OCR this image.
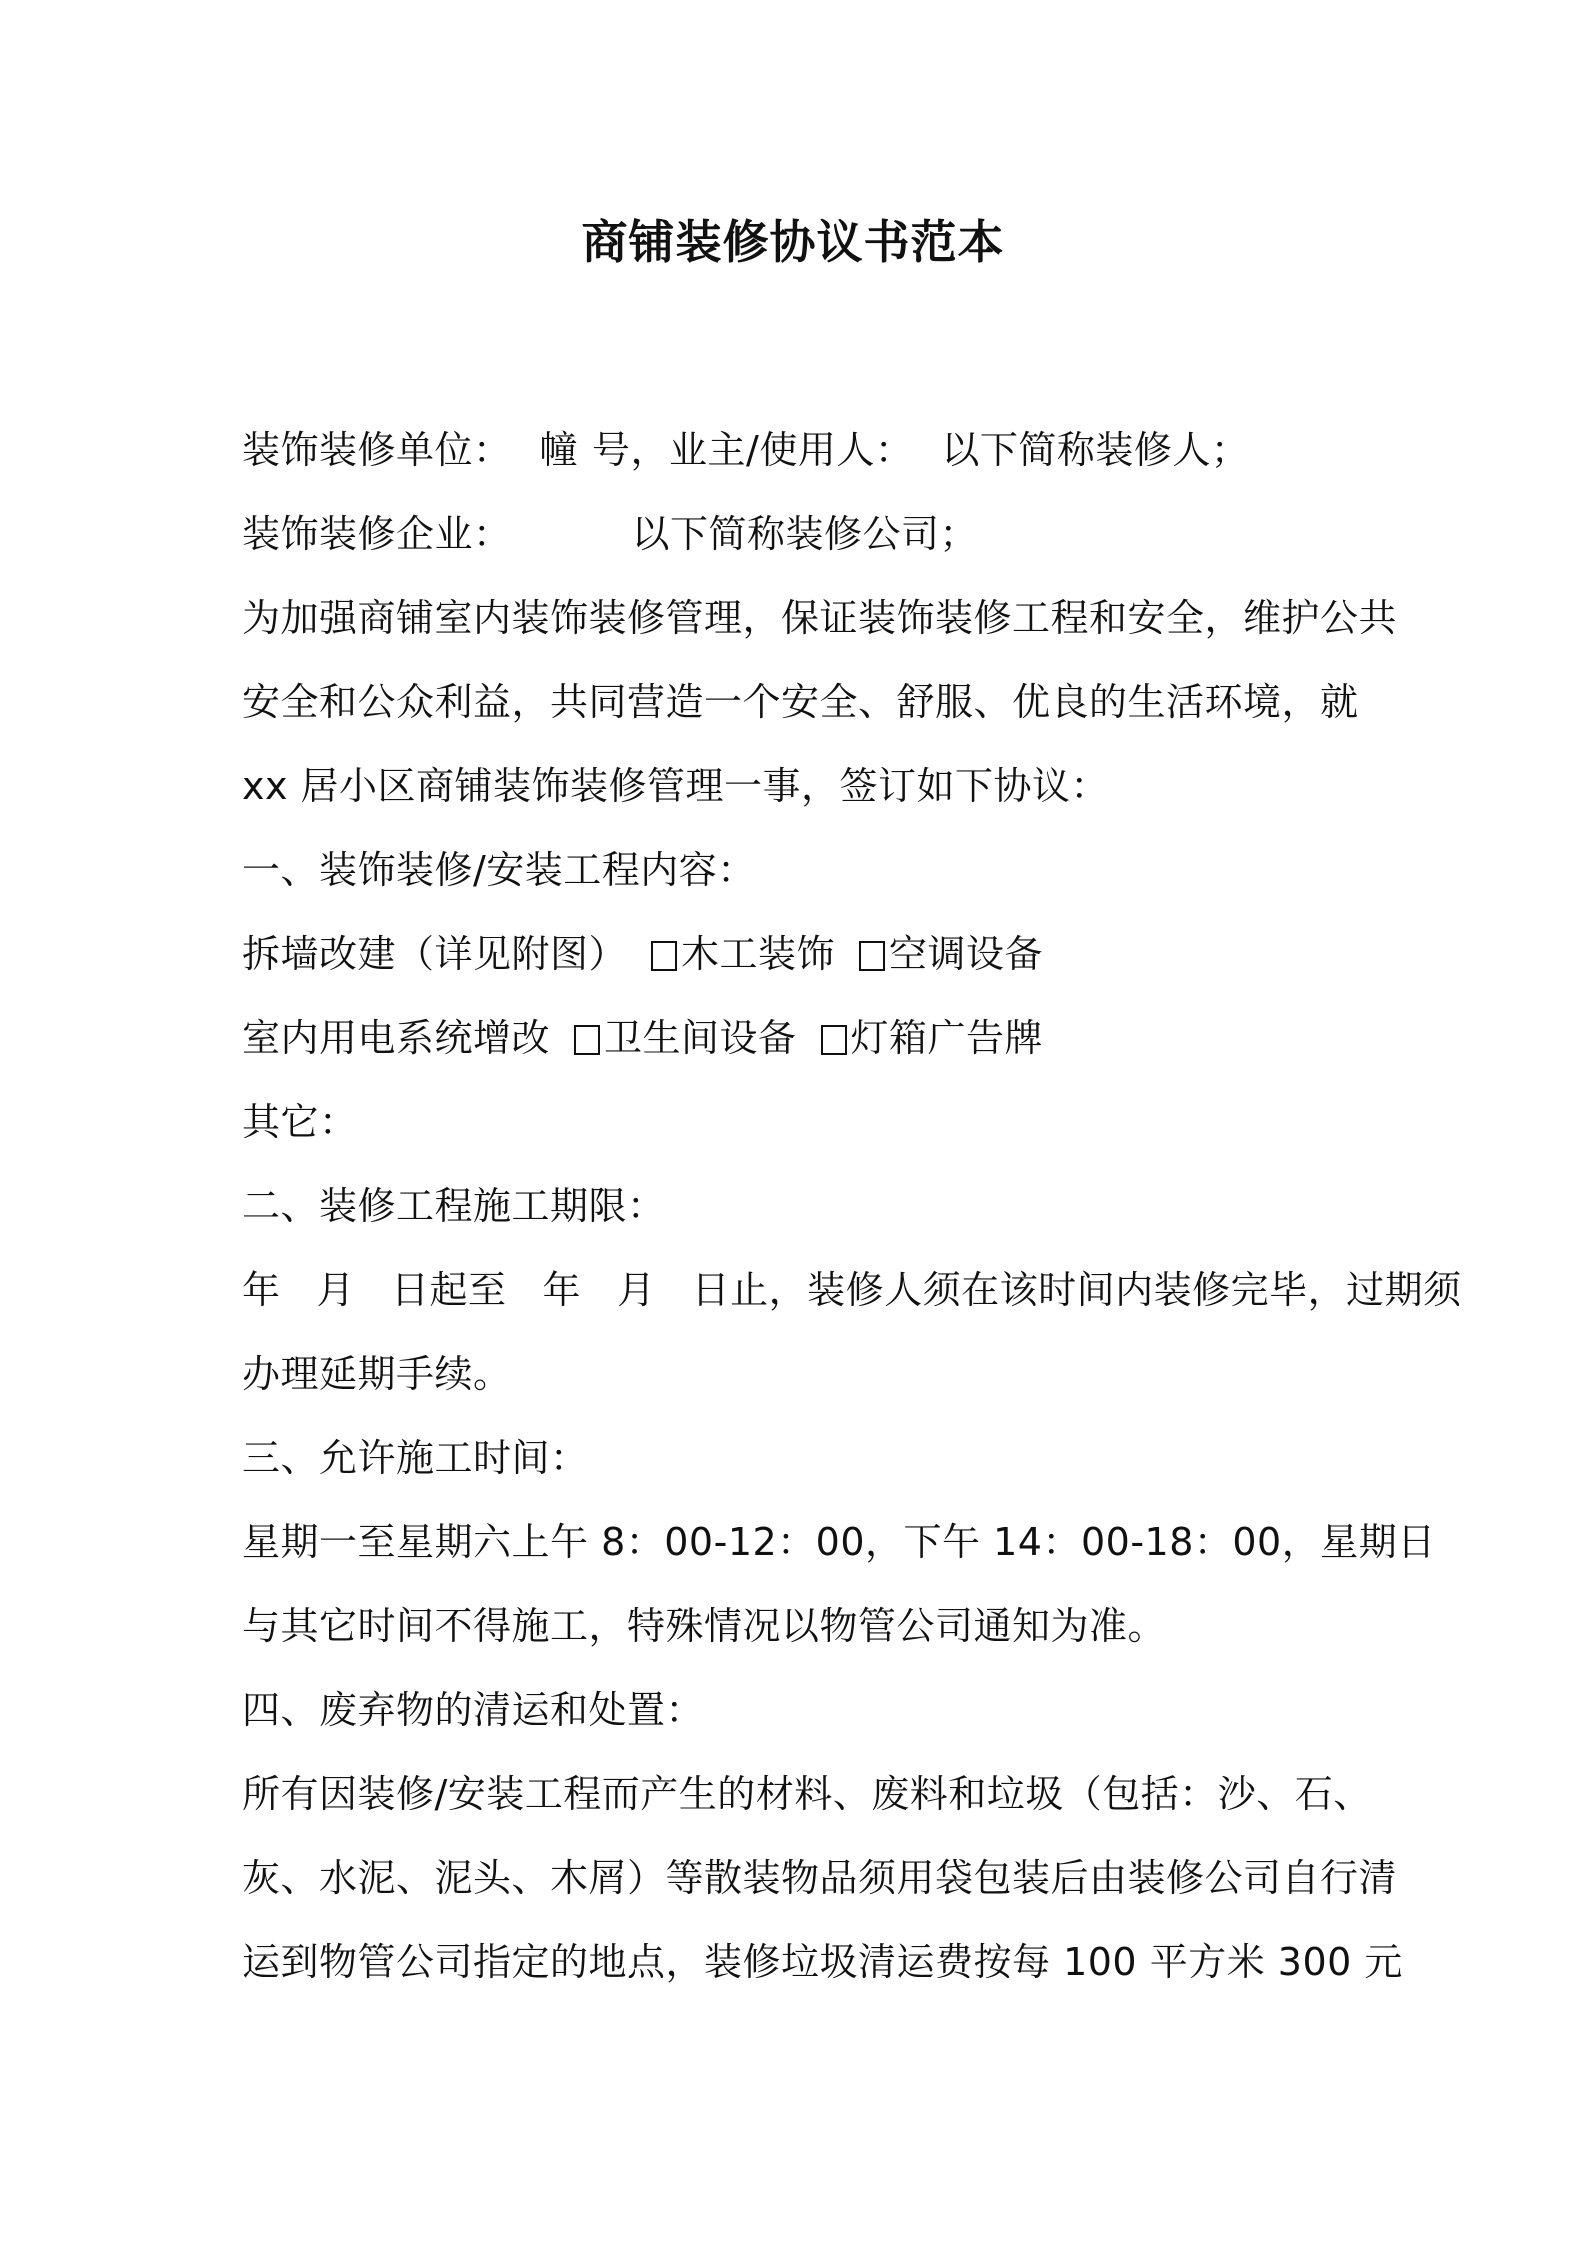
商铺装修协议书范本
装饰装修单位： 幢 号，业主/使用人： 以下简称装修人；
装饰装修企业：	以下简称装修公司；
为加强商铺室内装饰装修管理，保证装饰装修工程和安全，维护公共
安全和公众利益，共同营造一个安全、舒服、优良的生活环境，就
xx 居小区商铺装饰装修管理一事，签订如下协议：
一、装饰装修/安装工程内容：
拆墙改建（详见附图） 木工装饰 空调设备
室内用电系统增改 卫生间设备 灯箱广告牌
其它：
二、装修工程施工期限：
年 月 日起至 年 月 日止，装修人须在该时间内装修完毕，过期须
办理延期手续。
三、允许施工时间：
星期一至星期六上午 8：00-12：00，下午 14：00-18：00，星期日
与其它时间不得施工，特殊情况以物管公司通知为准。
四、废弃物的清运和处置：
所有因装修/安装工程而产生的材料、废料和垃圾（包括：沙、石、
灰、水泥、泥头、木屑）等散装物品须用袋包装后由装修公司自行清
运到物管公司指定的地点，装修垃圾清运费按每 100 平方米 300 元
